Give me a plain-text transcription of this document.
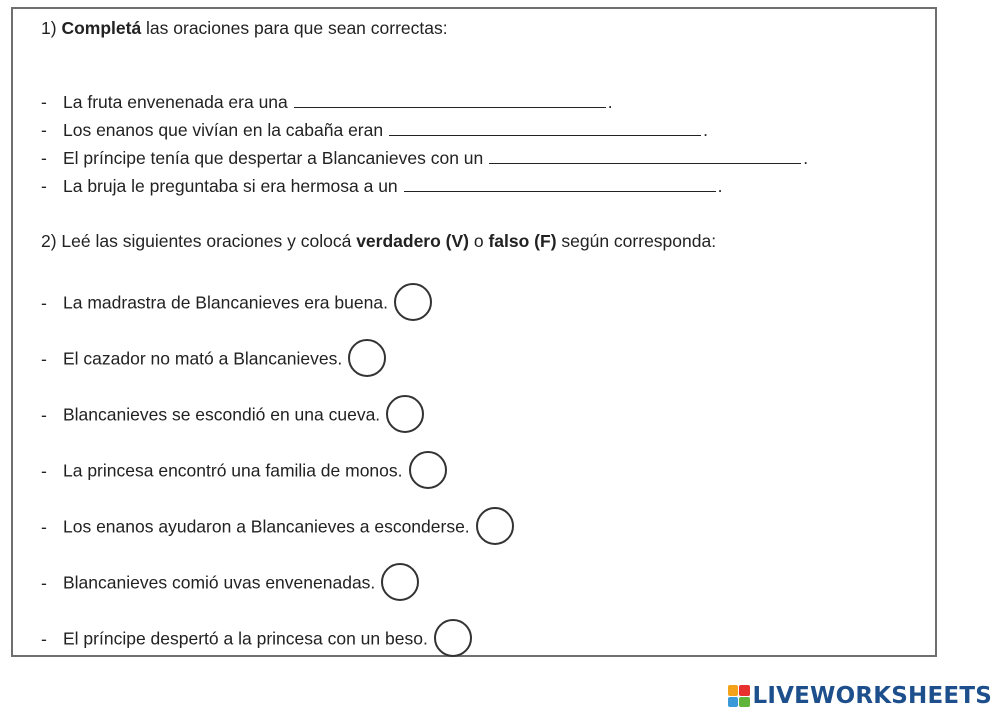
1) Completá las oraciones para que sean correctas:
- La fruta envenenada era una	.
- Los enanos que vivían en la cabaña eran	.
- El príncipe tenía que despertar a Blancanieves con un	.
- La bruja le preguntaba si era hermosa a un	.
2) Leé las siguientes oraciones y colocá verdadero (V) o falso (F) según corresponda:
- La madrastra de Blancanieves era buena.
- El cazador no mató a Blancanieves.
- Blancanieves se escondió en una cueva.
- La princesa encontró una familia de monos.
- Los enanos ayudaron a Blancanieves a esconderse.
- Blancanieves comió uvas envenenadas.
- El príncipe despertó a la princesa con un beso.
LIVEWORKSHEETS
